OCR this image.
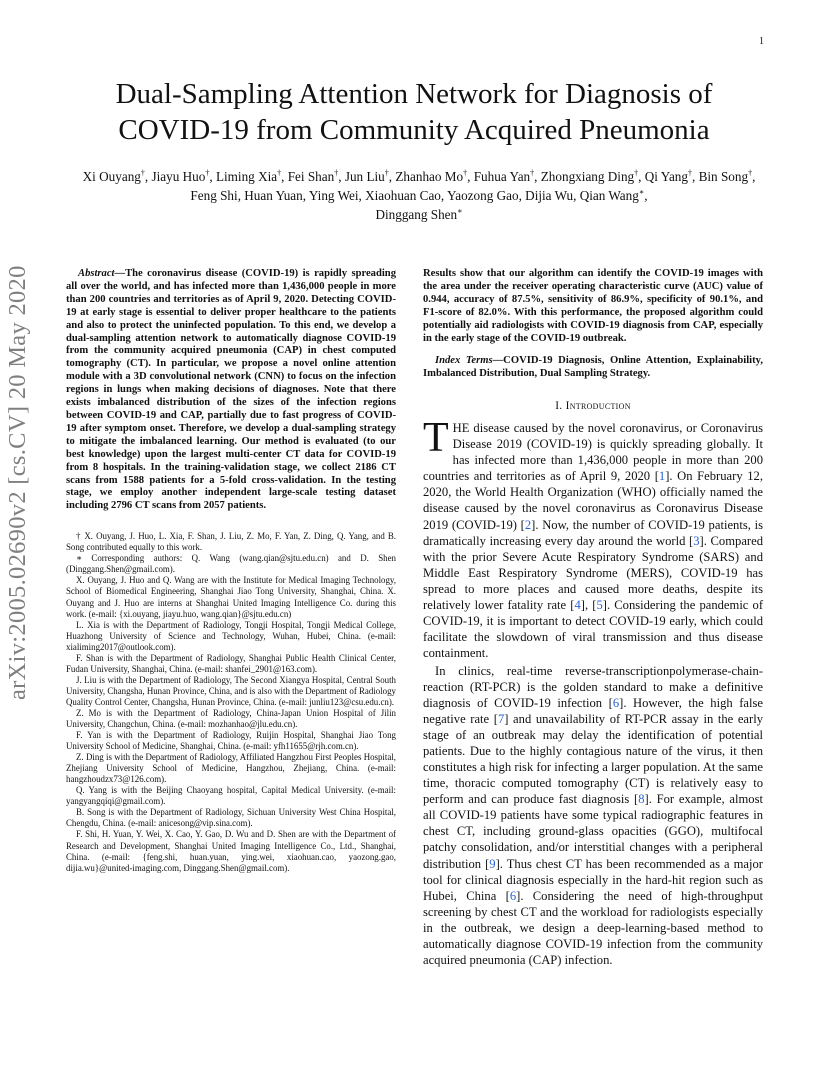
1
Dual-Sampling Attention Network for Diagnosis of
COVID-19 from Community Acquired Pneumonia
Xi Ouyang†, Jiayu Huo†, Liming Xia†, Fei Shan†, Jun Liu†, Zhanhao Mo†, Fuhua Yan†, Zhongxiang Ding†, Qi Yang†, Bin Song†, Feng Shi, Huan Yuan, Ying Wei, Xiaohuan Cao, Yaozong Gao, Dijia Wu, Qian Wang∗,
Dinggang Shen∗
arXiv:2005.02690v2 [cs.CV] 20 May 2020	Abstract—The coronavirus disease (COVID-19) is rapidly spreading all over the world, and has infected more than 1,436,000 people in more than 200 countries and territories as of April 9, 2020. Detecting COVID-19 at early stage is essential to deliver proper healthcare to the patients and also to protect the uninfected population. To this end, we develop a dual-sampling attention network to automatically diagnose COVID-19 from the community acquired pneumonia (CAP) in chest computed tomography (CT). In particular, we propose a novel online attention module with a 3D convolutional network (CNN) to focus on the infection regions in lungs when making decisions of diagnoses. Note that there exists imbalanced distribution of the sizes of the infection regions between COVID-19 and CAP, partially due to fast progress of COVID-19 after symptom onset. Therefore, we develop a dual-sampling strategy to mitigate the imbalanced learning. Our method is evaluated (to our best knowledge) upon the largest multi-center CT data for COVID-19 from 8 hospitals. In the training-validation stage, we collect 2186 CT scans from 1588 patients for a 5-fold cross-validation. In the testing stage, we employ another independent large-scale testing dataset including 2796 CT scans from 2057 patients.

† X. Ouyang, J. Huo, L. Xia, F. Shan, J. Liu, Z. Mo, F. Yan, Z. Ding, Q. Yang, and B. Song contributed equally to this work.

∗ Corresponding authors: Q. Wang (wang.qian@sjtu.edu.cn) and D. Shen (Dinggang.Shen@gmail.com).

X. Ouyang, J. Huo and Q. Wang are with the Institute for Medical Imaging Technology, School of Biomedical Engineering, Shanghai Jiao Tong University, Shanghai, China. X. Ouyang and J. Huo are interns at Shanghai United Imaging Intelligence Co. during this work. (e-mail: {xi.ouyang, jiayu.huo, wang.qian}@sjtu.edu.cn)

L. Xia is with the Department of Radiology, Tongji Hospital, Tongji Medical College, Huazhong University of Science and Technology, Wuhan, Hubei, China. (e-mail: xialiming2017@outlook.com).

F. Shan is with the Department of Radiology, Shanghai Public Health Clinical Center, Fudan University, Shanghai, China. (e-mail: shanfei_2901@163.com).

J. Liu is with the Department of Radiology, The Second Xiangya Hospital, Central South University, Changsha, Hunan Province, China, and is also with the Department of Radiology Quality Control Center, Changsha, Hunan Province, China. (e-mail: junliu123@csu.edu.cn).

Z. Mo is with the Department of Radiology, China-Japan Union Hospital of Jilin University, Changchun, China. (e-mail: mozhanhao@jlu.edu.cn).

F. Yan is with the Department of Radiology, Ruijin Hospital, Shanghai Jiao Tong University School of Medicine, Shanghai, China. (e-mail: yfh11655@rjh.com.cn).

Z. Ding is with the Department of Radiology, Affiliated Hangzhou First Peoples Hospital, Zhejiang University School of Medicine, Hangzhou, Zhejiang, China. (e-mail: hangzhoudzx73@126.com).

Q. Yang is with the Beijing Chaoyang hospital, Capital Medical University. (e-mail: yangyangqiqi@gmail.com).

B. Song is with the Department of Radiology, Sichuan University West China Hospital, Chengdu, China. (e-mail: anicesong@vip.sina.com).

F. Shi, H. Yuan, Y. Wei, X. Cao, Y. Gao, D. Wu and D. Shen are with the Department of Research and Development, Shanghai United Imaging Intelligence Co., Ltd., Shanghai, China. (e-mail: {feng.shi, huan.yuan, ying.wei, xiaohuan.cao, yaozong.gao, dijia.wu}@united-imaging.com, Dinggang.Shen@gmail.com).

Results show that our algorithm can identify the COVID-19 images with the area under the receiver operating characteristic curve (AUC) value of 0.944, accuracy of 87.5%, sensitivity of 86.9%, specificity of 90.1%, and F1-score of 82.0%. With this performance, the proposed algorithm could potentially aid radiologists with COVID-19 diagnosis from CAP, especially in the early stage of the COVID-19 outbreak.

Index Terms—COVID-19 Diagnosis, Online Attention, Explainability, Imbalanced Distribution, Dual Sampling Strategy.

I. Introduction

THE disease caused by the novel coronavirus, or Coronavirus Disease 2019 (COVID-19) is quickly spreading globally. It has infected more than 1,436,000 people in more than 200 countries and territories as of April 9, 2020 [ 1 ] . On February 12, 2020, the World Health Organization (WHO) officially named the disease caused by the novel coronavirus as Coronavirus Disease 2019 (COVID-19) [ 2 ] . Now, the number of COVID-19 patients, is dramatically increasing every day around the world [ 3 ] . Compared with the prior Severe Acute Respiratory Syndrome (SARS) and Middle East Respiratory Syndrome (MERS), COVID-19 has spread to more places and caused more deaths, despite its relatively lower fatality rate [ 4 ] , [ 5 ] . Considering the pandemic of COVID-19, it is important to detect COVID-19 early, which could facilitate the slowdown of viral transmission and thus disease containment.

In clinics, real-time reverse-transcriptionpolymerase-chain-reaction (RT-PCR) is the golden standard to make a definitive diagnosis of COVID-19 infection [ 6 ] . However, the high false negative rate [ 7 ] and unavailability of RT-PCR assay in the early stage of an outbreak may delay the identification of potential patients. Due to the highly contagious nature of the virus, it then constitutes a high risk for infecting a larger population. At the same time, thoracic computed tomography (CT) is relatively easy to perform and can produce fast diagnosis [ 8 ] . For example, almost all COVID-19 patients have some typical radiographic features in chest CT, including ground-glass opacities (GGO), multifocal patchy consolidation, and/or interstitial changes with a peripheral distribution [ 9 ] . Thus chest CT has been recommended as a major tool for clinical diagnosis especially in the hard-hit region such as Hubei, China [ 6 ] . Considering the need of high-throughput screening by chest CT and the workload for radiologists especially in the outbreak, we design a deep-learning-based method to automatically diagnose COVID-19 infection from the community acquired pneumonia (CAP) infection.
